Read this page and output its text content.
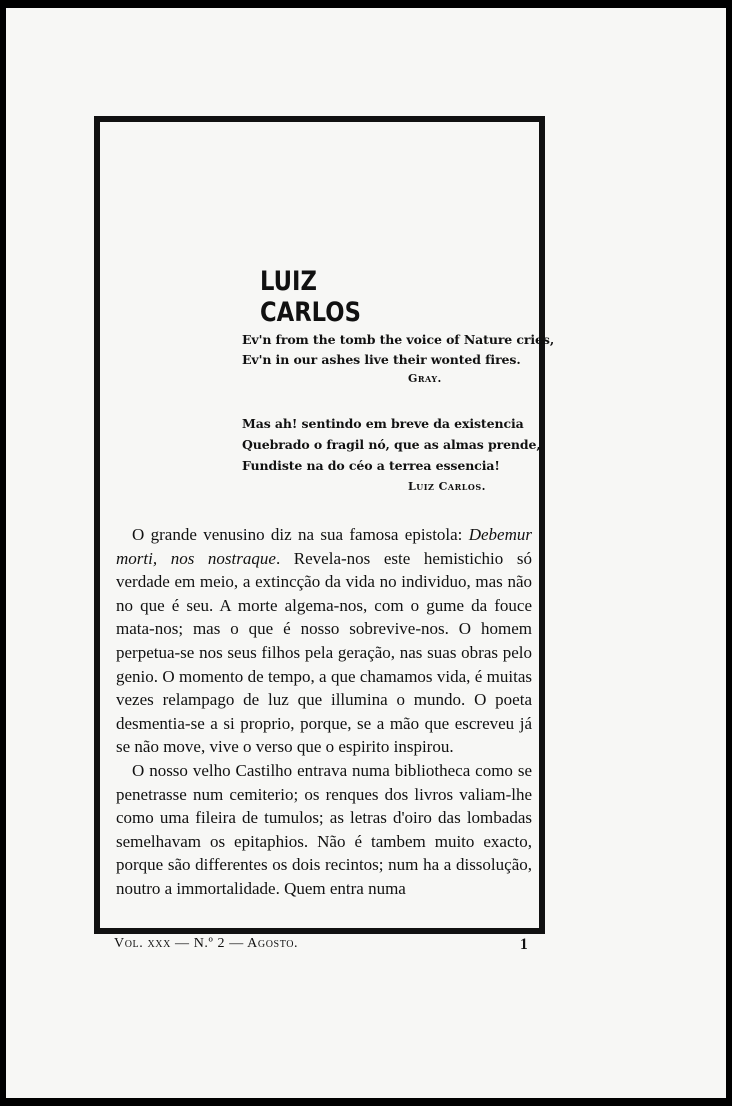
LUIZ CARLOS
Ev'n from the tomb the voice of Nature cries,
Ev'n in our ashes live their wonted fires.
Gray.
Mas ah! sentindo em breve da existencia
Quebrado o fragil nó, que as almas prende,
Fundiste na do céo a terrea essencia!
Luiz Carlos.

O grande venusino diz na sua famosa epistola: Debemur morti, nos nostraque. Revela-nos este hemistichio só verdade em meio, a extincção da vida no individuo, mas não no que é seu. A morte algema-nos, com o gume da fouce mata-nos; mas o que é nosso sobrevive-nos. O homem perpetua-se nos seus filhos pela geração, nas suas obras pelo genio. O momento de tempo, a que chamamos vida, é muitas vezes relampago de luz que illumina o mundo. O poeta desmentia-se a si proprio, porque, se a mão que escreveu já se não move, vive o verso que o espirito inspirou.

O nosso velho Castilho entrava numa bibliotheca como se penetrasse num cemiterio; os renques dos livros valiam-lhe como uma fileira de tumulos; as letras d'oiro das lombadas semelhavam os epitaphios. Não é tambem muito exacto, porque são differentes os dois recintos; num ha a dissolução, noutro a immortalidade. Quem entra numa

Vol. xxx — N.º 2 — Agosto.	1
